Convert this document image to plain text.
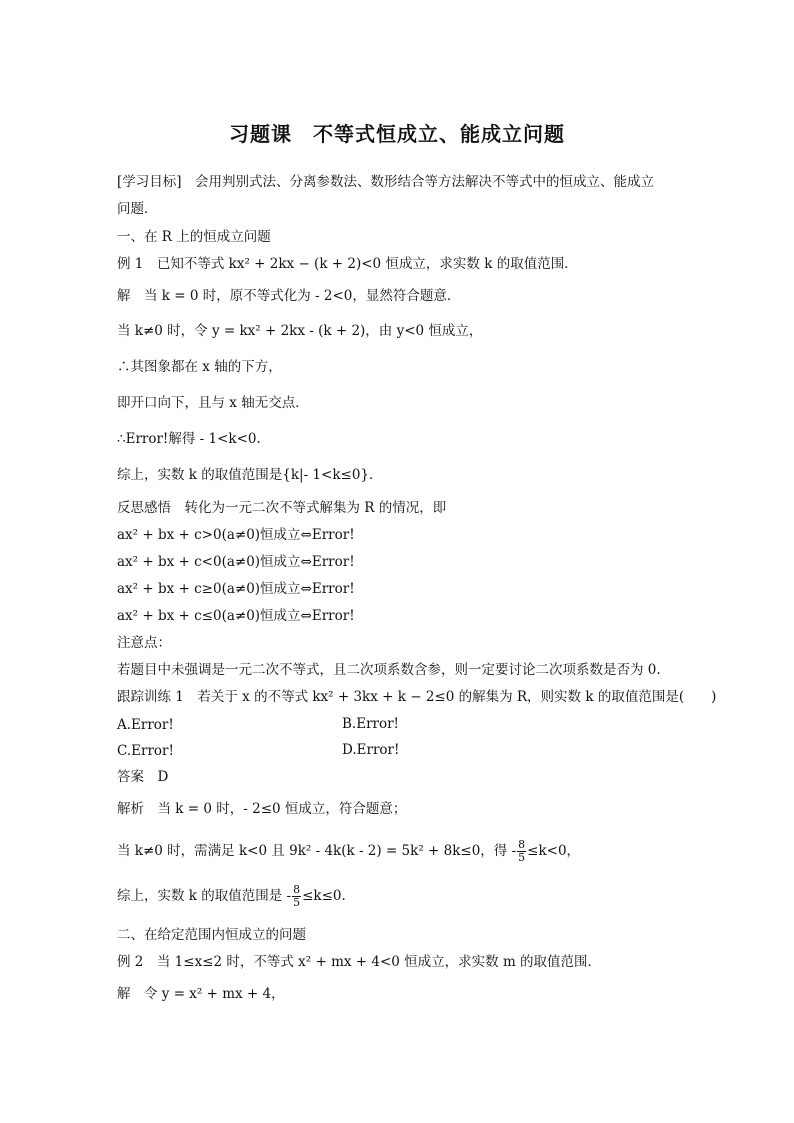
习题课　不等式恒成立、能成立问题
[学习目标]　会用判别式法、分离参数法、数形结合等方法解决不等式中的恒成立、能成立
问题．
一、在 R 上的恒成立问题
例 1　已知不等式 kx² + 2kx − (k + 2)<0 恒成立，求实数 k 的取值范围．
解　当 k = 0 时，原不等式化为 - 2<0，显然符合题意．
当 k≠0 时，令 y = kx² + 2kx - (k + 2)，由 y<0 恒成立，
∴其图象都在 x 轴的下方，
即开口向下，且与 x 轴无交点．
∴Error!解得 - 1<k<0.
综上，实数 k 的取值范围是{k|- 1<k≤0}．
反思感悟　转化为一元二次不等式解集为 R 的情况，即
ax² + bx + c>0(a≠0)恒成立⇔Error!
ax² + bx + c<0(a≠0)恒成立⇔Error!
ax² + bx + c≥0(a≠0)恒成立⇔Error!
ax² + bx + c≤0(a≠0)恒成立⇔Error!
注意点：
若题目中未强调是一元二次不等式，且二次项系数含参，则一定要讨论二次项系数是否为 0.
跟踪训练 1　若关于 x 的不等式 kx² + 3kx + k − 2≤0 的解集为 R，则实数 k 的取值范围是(　　)
A.Error!	B.Error!
C.Error!	D.Error!
答案　D
解析　当 k = 0 时，- 2≤0 恒成立，符合题意；
当 k≠0 时，需满足 k<0 且 9k² - 4k(k - 2) = 5k² + 8k≤0，得 - $\frac{8}{5} \le k<0$，
综上，实数 k 的取值范围是 - $\frac{8}{5} \le k\le 0$.
二、在给定范围内恒成立的问题
例 2　当 1≤x≤2 时，不等式 x² + mx + 4<0 恒成立，求实数 m 的取值范围．
解　令 y = x² + mx + 4，
